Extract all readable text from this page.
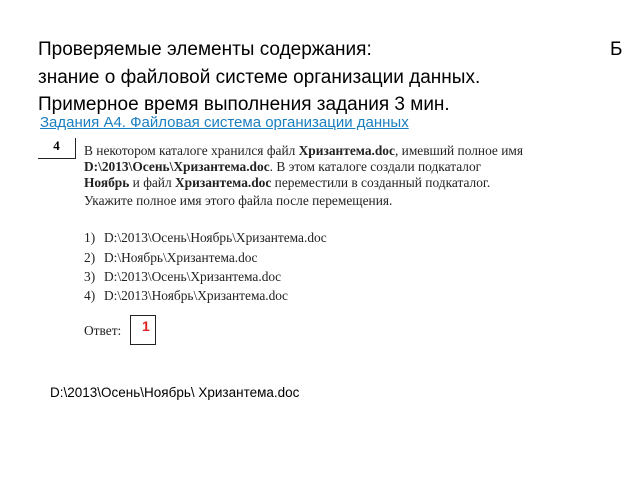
Проверяемые элементы содержания:	Б
знание о файловой системе организации данных.
Примерное время выполнения задания 3 мин.
Задания А4. Файловая система организации данных
4	В некотором каталоге хранился файл Хризантема.doc, имевший полное имя
D:\2013\Осень\Хризантема.doc. В этом каталоге создали подкаталог
Ноябрь и файл Хризантема.doc переместили в созданный подкаталог.
Укажите полное имя этого файла после перемещения.
1) D:\2013\Осень\Ноябрь\Хризантема.doc
2) D:\Ноябрь\Хризантема.doc
3) D:\2013\Осень\Хризантема.doc
4) D:\2013\Ноябрь\Хризантема.doc
Ответ: 1
D:\2013\Осень\Ноябрь\ Хризантема.doc
